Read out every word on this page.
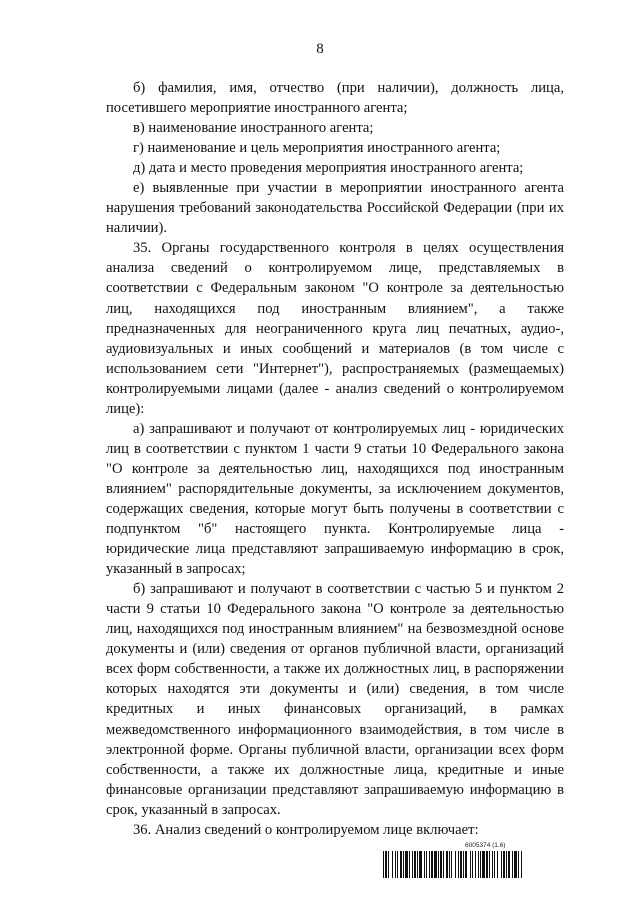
8

б) фамилия, имя, отчество (при наличии), должность лица, посетившего мероприятие иностранного агента;

в) наименование иностранного агента;

г) наименование и цель мероприятия иностранного агента;

д) дата и место проведения мероприятия иностранного агента;

е) выявленные при участии в мероприятии иностранного агента нарушения требований законодательства Российской Федерации (при их наличии).

35. Органы государственного контроля в целях осуществления анализа сведений о контролируемом лице, представляемых в соответствии с Федеральным законом "О контроле за деятельностью лиц, находящихся под иностранным влиянием", а также предназначенных для неограниченного круга лиц печатных, аудио-, аудиовизуальных и иных сообщений и материалов (в том числе с использованием сети "Интернет"), распространяемых (размещаемых) контролируемыми лицами (далее - анализ сведений о контролируемом лице):

а) запрашивают и получают от контролируемых лиц - юридических лиц в соответствии с пунктом 1 части 9 статьи 10 Федерального закона "О контроле за деятельностью лиц, находящихся под иностранным влиянием" распорядительные документы, за исключением документов, содержащих сведения, которые могут быть получены в соответствии с подпунктом "б" настоящего пункта. Контролируемые лица - юридические лица представляют запрашиваемую информацию в срок, указанный в запросах;

б) запрашивают и получают в соответствии с частью 5 и пунктом 2 части 9 статьи 10 Федерального закона "О контроле за деятельностью лиц, находящихся под иностранным влиянием" на безвозмездной основе документы и (или) сведения от органов публичной власти, организаций всех форм собственности, а также их должностных лиц, в распоряжении которых находятся эти документы и (или) сведения, в том числе кредитных и иных финансовых организаций, в рамках межведомственного информационного взаимодействия, в том числе в электронной форме. Органы публичной власти, организации всех форм собственности, а также их должностные лица, кредитные и иные финансовые организации представляют запрашиваемую информацию в срок, указанный в запросах.

36. Анализ сведений о контролируемом лице включает:

6005374 (1.6)
